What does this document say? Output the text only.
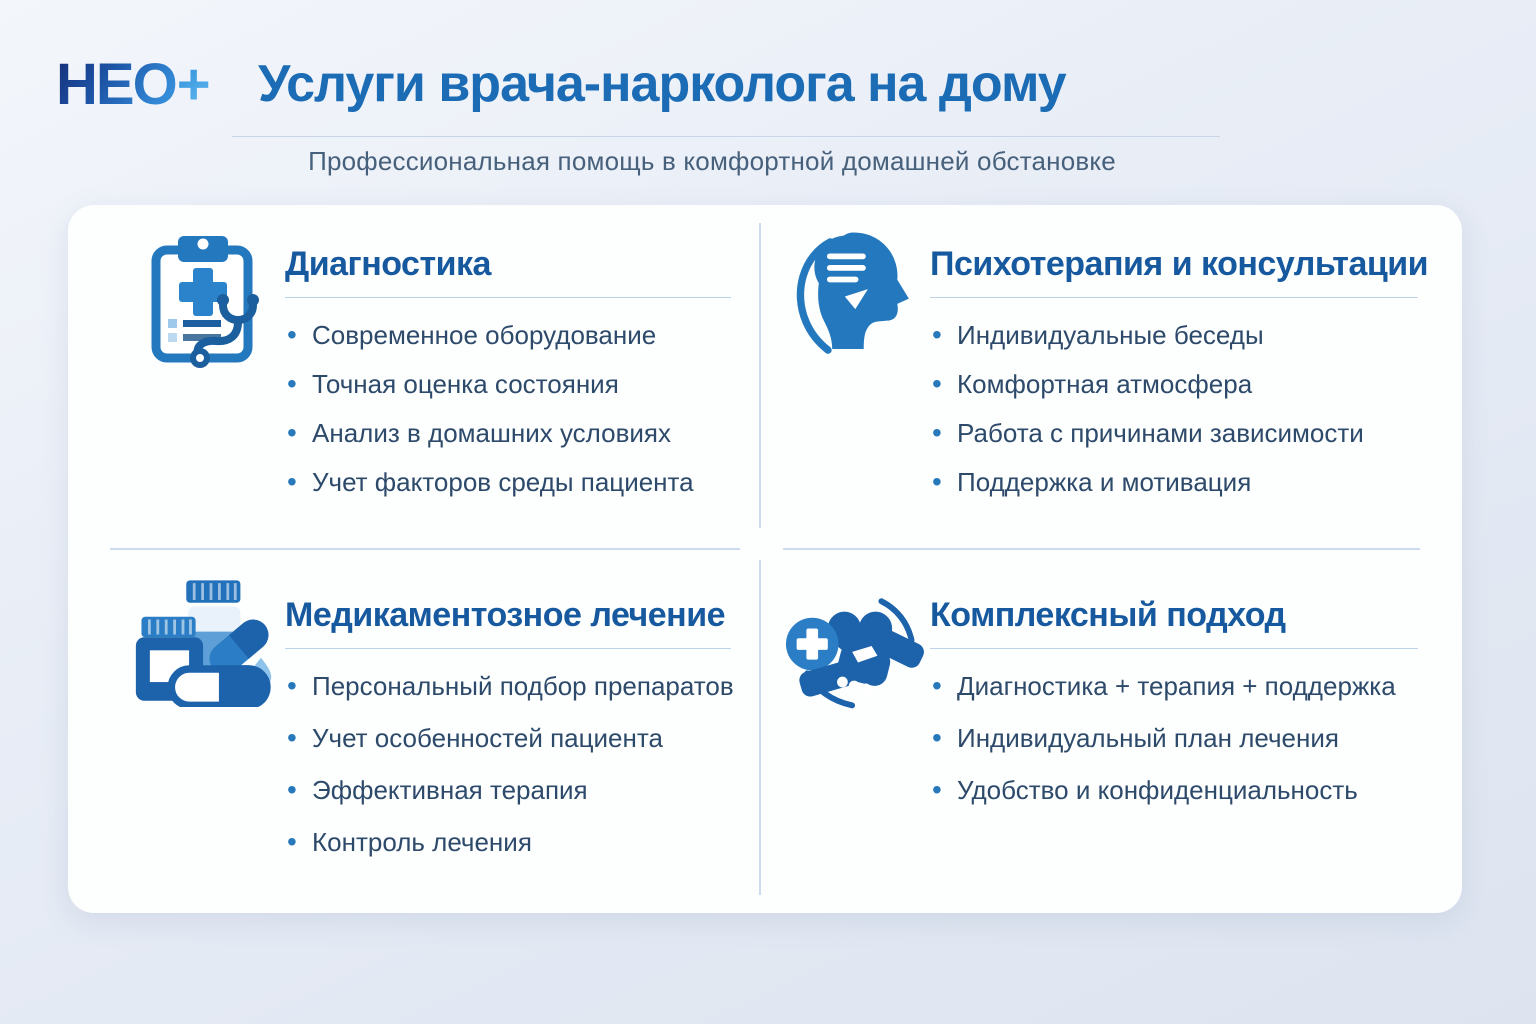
НЕО + Услуги врача-нарколога на дому
Профессиональная помощь в комфортной домашней обстановке
Диагностика
• Современное оборудование
• Точная оценка состояния
• Анализ в домашних условиях
• Учет факторов среды пациента
Психотерапия и консультации
• Индивидуальные беседы
• Комфортная атмосфера
• Работа с причинами зависимости
• Поддержка и мотивация
Медикаментозное лечение
• Персональный подбор препаратов
• Учет особенностей пациента
• Эффективная терапия
• Контроль лечения
Комплексный подход
• Диагностика + терапия + поддержка
• Индивидуальный план лечения
• Удобство и конфиденциальность
